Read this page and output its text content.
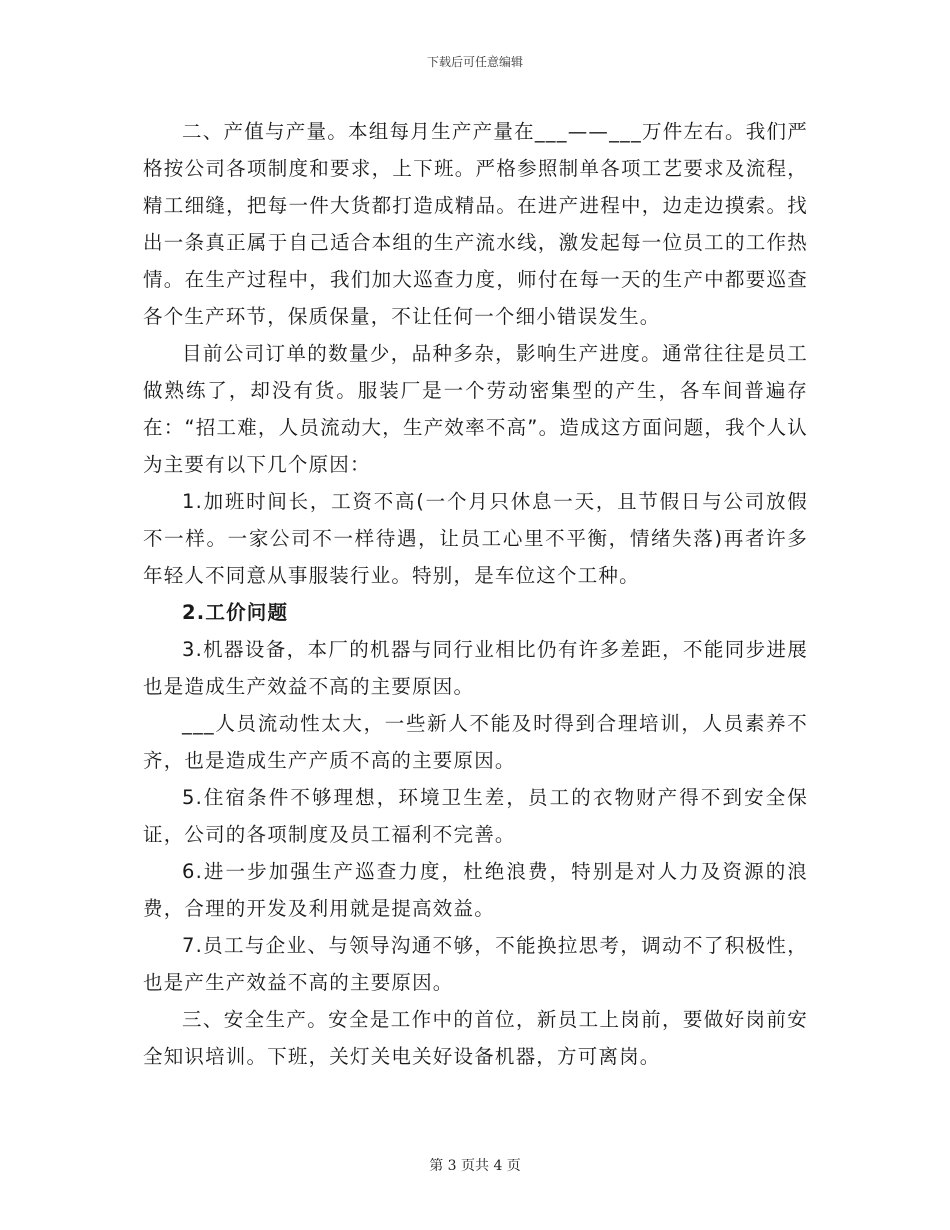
下载后可任意编辑

二、产值与产量。本组每月生产产量在___——___万件左右。我们严格按公司各项制度和要求，上下班。严格参照制单各项工艺要求及流程，精工细缝，把每一件大货都打造成精品。在进产进程中，边走边摸索。找出一条真正属于自己适合本组的生产流水线，激发起每一位员工的工作热情。在生产过程中，我们加大巡查力度，师付在每一天的生产中都要巡查各个生产环节，保质保量，不让任何一个细小错误发生。

目前公司订单的数量少，品种多杂，影响生产进度。通常往往是员工做熟练了，却没有货。服装厂是一个劳动密集型的产生，各车间普遍存在：“招工难，人员流动大，生产效率不高”。造成这方面问题，我个人认为主要有以下几个原因：

1.加班时间长，工资不高(一个月只休息一天，且节假日与公司放假不一样。一家公司不一样待遇，让员工心里不平衡，情绪失落)再者许多年轻人不同意从事服装行业。特别，是车位这个工种。

2.工价问题

3.机器设备，本厂的机器与同行业相比仍有许多差距，不能同步进展也是造成生产效益不高的主要原因。

___人员流动性太大，一些新人不能及时得到合理培训，人员素养不齐，也是造成生产产质不高的主要原因。

5.住宿条件不够理想，环境卫生差，员工的衣物财产得不到安全保证，公司的各项制度及员工福利不完善。

6.进一步加强生产巡查力度，杜绝浪费，特别是对人力及资源的浪费，合理的开发及利用就是提高效益。

7.员工与企业、与领导沟通不够，不能换拉思考，调动不了积极性，也是产生产效益不高的主要原因。

三、安全生产。安全是工作中的首位，新员工上岗前，要做好岗前安全知识培训。下班，关灯关电关好设备机器，方可离岗。

第 3 页共 4 页
